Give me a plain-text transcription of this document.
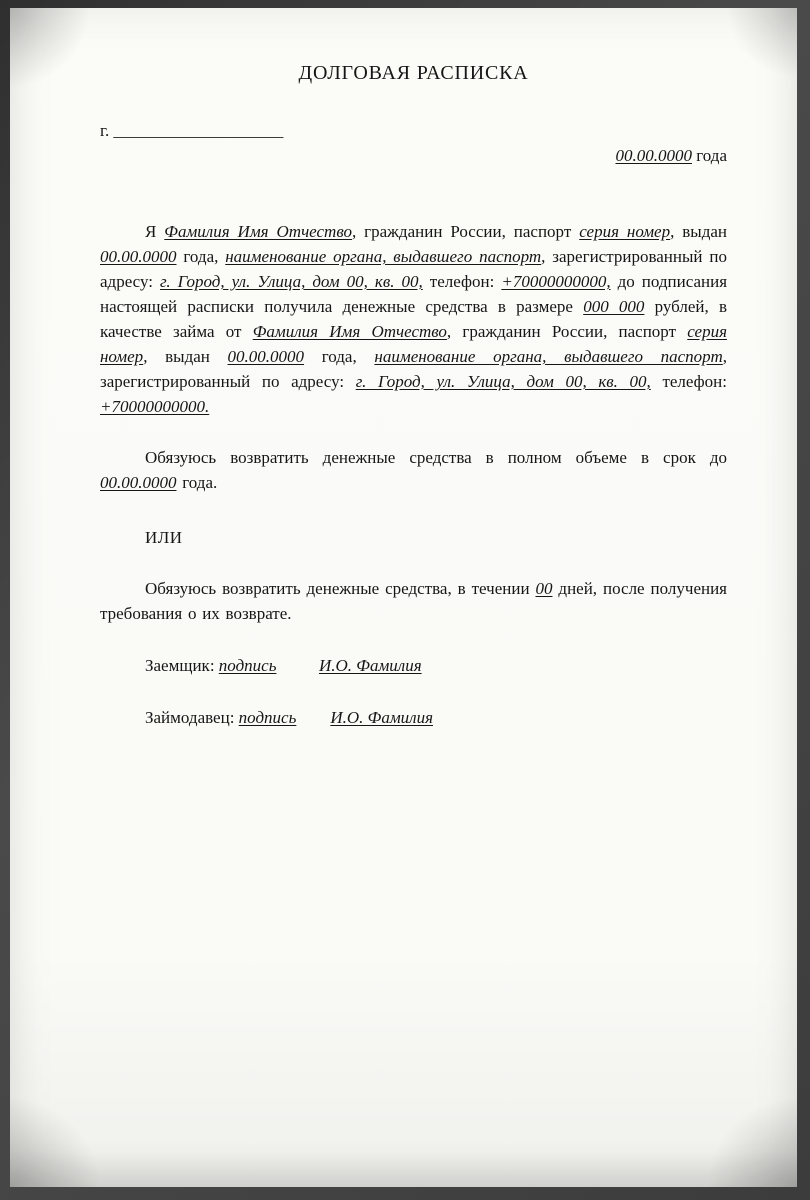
ДОЛГОВАЯ РАСПИСКА
г. ____________________

00.00.0000 года

Я Фамилия Имя Отчество, гражданин России, паспорт серия номер, выдан 00.00.0000 года, наименование органа, выдавшего паспорт, зарегистрированный по адресу: г. Город, ул. Улица, дом 00, кв. 00, телефон: +70000000000, до подписания настоящей расписки получила денежные средства в размере 000 000 рублей, в качестве займа от Фамилия Имя Отчество, гражданин России, паспорт серия номер, выдан 00.00.0000 года, наименование органа, выдавшего паспорт, зарегистрированный по адресу: г. Город, ул. Улица, дом 00, кв. 00, телефон: +70000000000.

Обязуюсь возвратить денежные средства в полном объеме в срок до 00.00.0000 года.

ИЛИ

Обязуюсь возвратить денежные средства, в течении 00 дней, после получения требования о их возврате.

Заемщик: подпись	И.О. Фамилия

Займодавец: подпись И.О. Фамилия
